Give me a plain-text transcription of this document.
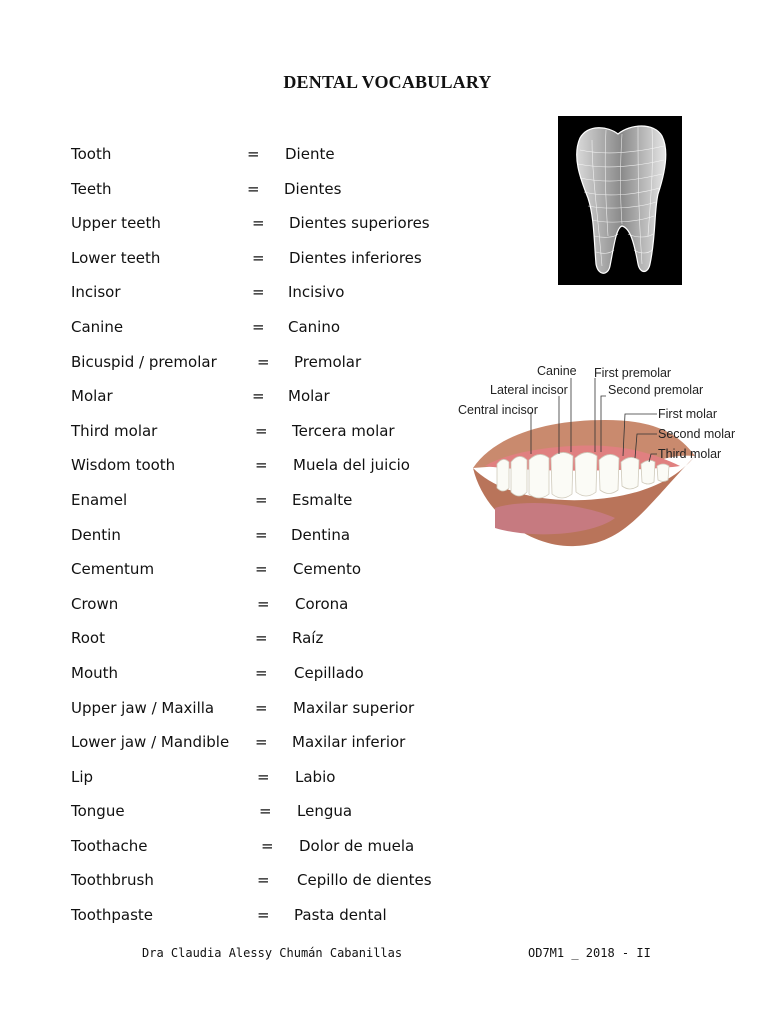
DENTAL VOCABULARY
Tooth	= Diente
Teeth	= Dientes
Upper teeth	= Dientes superiores
Lower teeth	= Dientes inferiores
Incisor	= Incisivo
Canine	= Canino
Bicuspid / premolar	= Premolar
Molar	= Molar
Third molar	= Tercera molar
Wisdom tooth	= Muela del juicio
Enamel	= Esmalte
Dentin	= Dentina
Cementum	= Cemento
Crown	= Corona
Root	= Raíz
Mouth	= Cepillado
Upper jaw / Maxilla	= Maxilar superior
Lower jaw / Mandible = Maxilar inferior
Lip	= Labio
Tongue	= Lengua
Toothache	= Dolor de muela
Toothbrush	= Cepillo de dientes
Toothpaste	= Pasta dental
Canine First premolar
Lateral incisor	Second premolar
Central incisor	First molar
Second molar
Third molar
Dra Claudia Alessy Chumán Cabanillas	OD7M1 _ 2018 - II
